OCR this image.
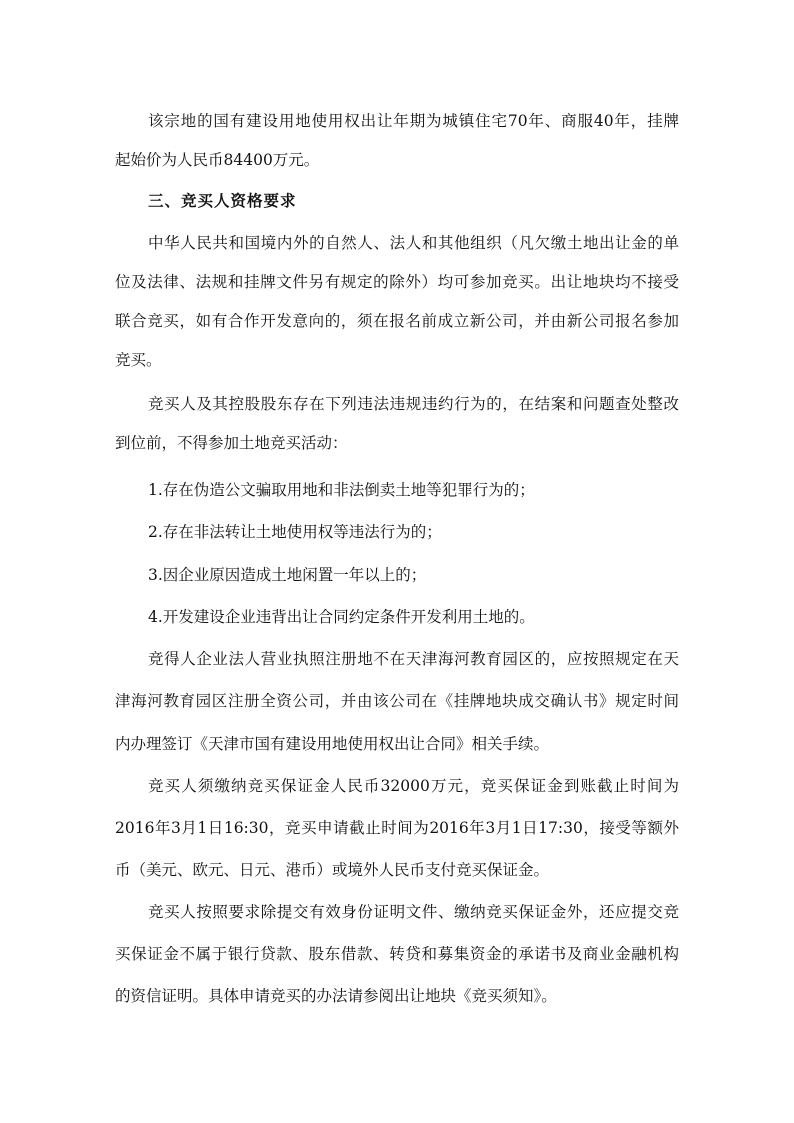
该宗地的国有建设用地使用权出让年期为城镇住宅70年、商服40年，挂牌

起始价为人民币84400万元。

三、竞买人资格要求

中华人民共和国境内外的自然人、法人和其他组织（凡欠缴土地出让金的单

位及法律、法规和挂牌文件另有规定的除外）均可参加竞买。出让地块均不接受

联合竞买，如有合作开发意向的，须在报名前成立新公司，并由新公司报名参加

竞买。

竞买人及其控股股东存在下列违法违规违约行为的，在结案和问题查处整改

到位前，不得参加土地竞买活动：

1.存在伪造公文骗取用地和非法倒卖土地等犯罪行为的；

2.存在非法转让土地使用权等违法行为的；

3.因企业原因造成土地闲置一年以上的；

4.开发建设企业违背出让合同约定条件开发利用土地的。

竞得人企业法人营业执照注册地不在天津海河教育园区的，应按照规定在天

津海河教育园区注册全资公司，并由该公司在《挂牌地块成交确认书》规定时间

内办理签订《天津市国有建设用地使用权出让合同》相关手续。

竞买人须缴纳竞买保证金人民币32000万元，竞买保证金到账截止时间为

2016年3月1日16:30，竞买申请截止时间为2016年3月1日17:30，接受等额外

币（美元、欧元、日元、港币）或境外人民币支付竞买保证金。

竞买人按照要求除提交有效身份证明文件、缴纳竞买保证金外，还应提交竞

买保证金不属于银行贷款、股东借款、转贷和募集资金的承诺书及商业金融机构

的资信证明。具体申请竞买的办法请参阅出让地块《竞买须知》。
